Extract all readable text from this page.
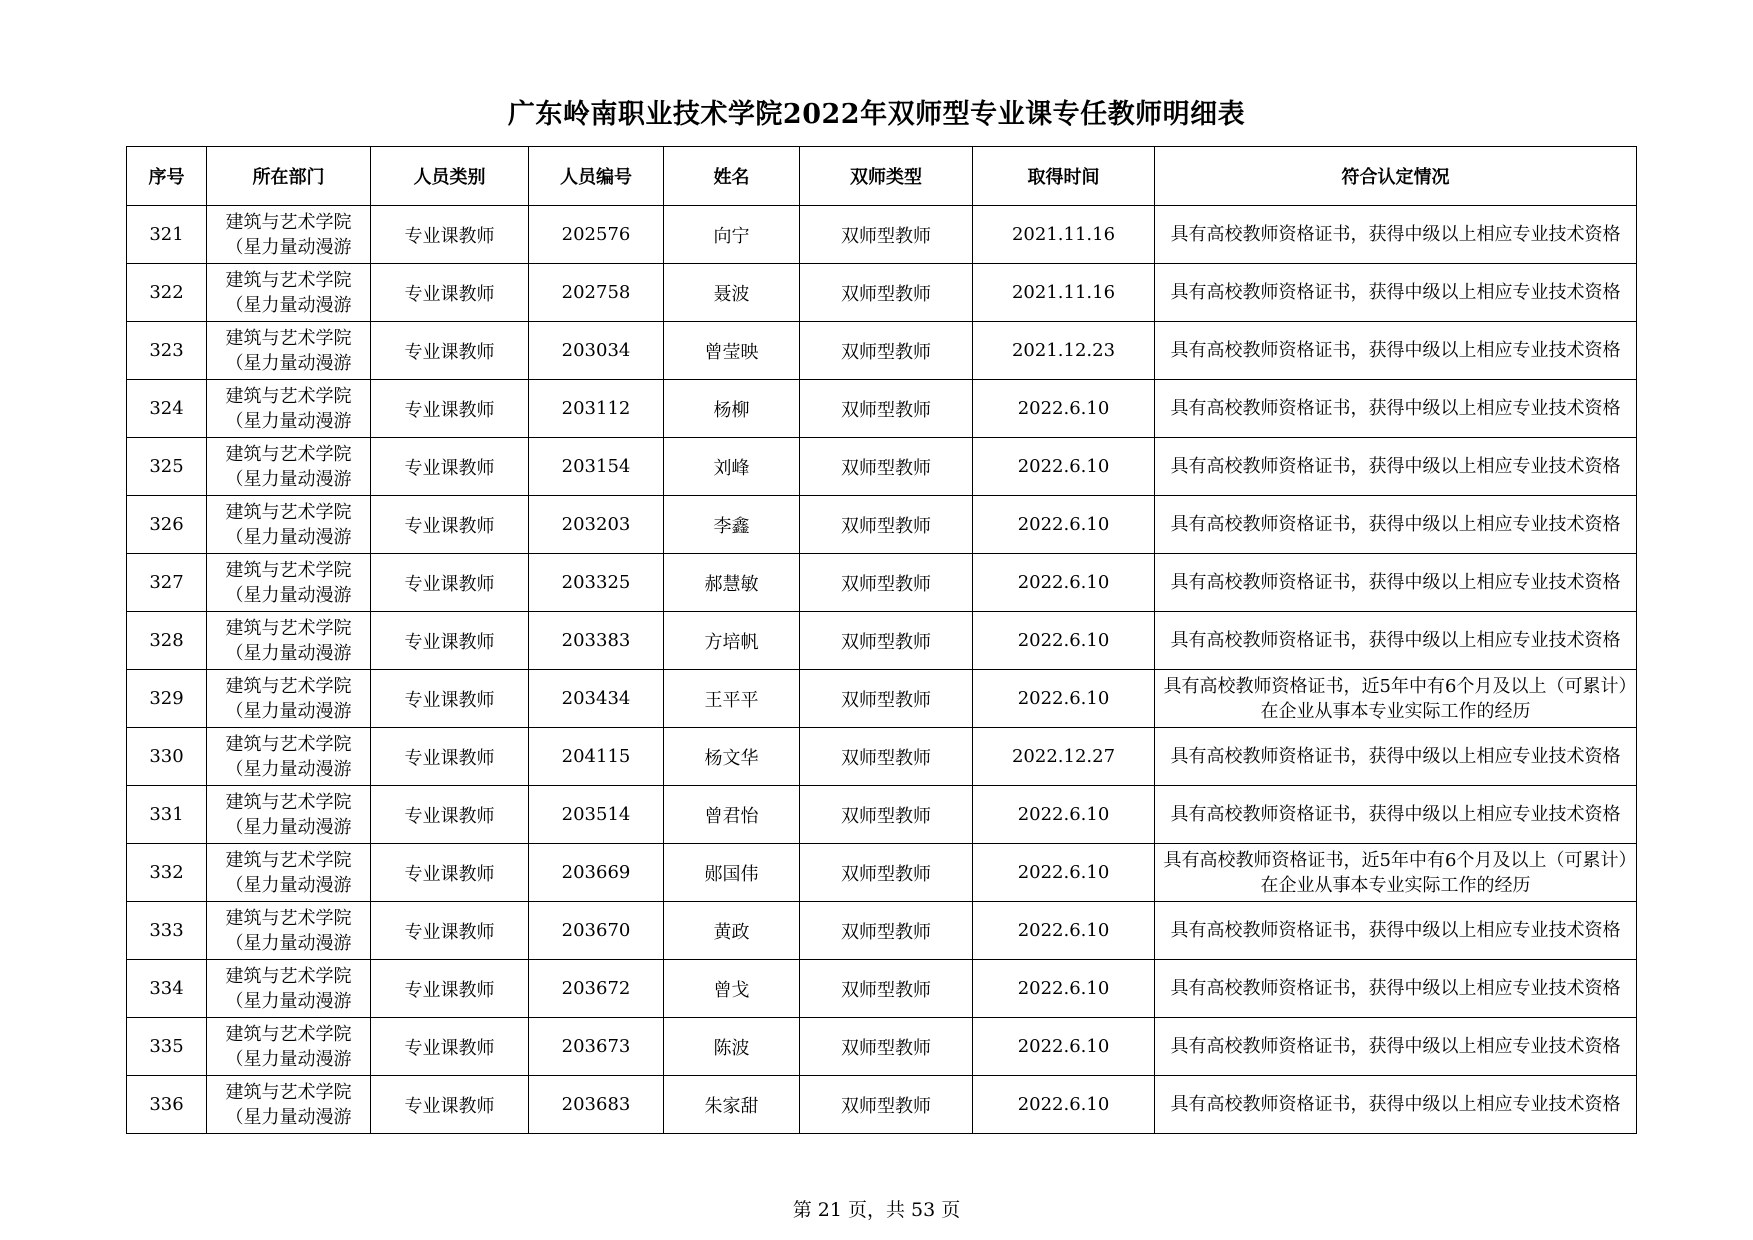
广东岭南职业技术学院2022年双师型专业课专任教师明细表
序号	所在部门	人员类别	人员编号	姓名	双师类型	取得时间	符合认定情况
321	建筑与艺术学院（星力量动漫游	专业课教师	202576	向宁	双师型教师	2021.11.16	具有高校教师资格证书，获得中级以上相应专业技术资格

322	建筑与艺术学院（星力量动漫游	专业课教师	202758	聂波	双师型教师	2021.11.16	具有高校教师资格证书，获得中级以上相应专业技术资格

323	建筑与艺术学院（星力量动漫游	专业课教师	203034	曾莹映	双师型教师	2021.12.23	具有高校教师资格证书，获得中级以上相应专业技术资格

324	建筑与艺术学院（星力量动漫游	专业课教师	203112	杨柳	双师型教师	2022.6.10	具有高校教师资格证书，获得中级以上相应专业技术资格

325	建筑与艺术学院（星力量动漫游	专业课教师	203154	刘峰	双师型教师	2022.6.10	具有高校教师资格证书，获得中级以上相应专业技术资格

326	建筑与艺术学院（星力量动漫游	专业课教师	203203	李鑫	双师型教师	2022.6.10	具有高校教师资格证书，获得中级以上相应专业技术资格

327	建筑与艺术学院（星力量动漫游	专业课教师	203325	郝慧敏	双师型教师	2022.6.10	具有高校教师资格证书，获得中级以上相应专业技术资格

328	建筑与艺术学院（星力量动漫游	专业课教师	203383	方培帆	双师型教师	2022.6.10	具有高校教师资格证书，获得中级以上相应专业技术资格

329	建筑与艺术学院（星力量动漫游	专业课教师	203434	王平平	双师型教师	2022.6.10	具有高校教师资格证书，近5年中有6个月及以上（可累计）在企业从事本专业实际工作的经历

330	建筑与艺术学院（星力量动漫游	专业课教师	204115	杨文华	双师型教师	2022.12.27	具有高校教师资格证书，获得中级以上相应专业技术资格

331	建筑与艺术学院（星力量动漫游	专业课教师	203514	曾君怡	双师型教师	2022.6.10	具有高校教师资格证书，获得中级以上相应专业技术资格

332	建筑与艺术学院（星力量动漫游	专业课教师	203669	郧国伟	双师型教师	2022.6.10	具有高校教师资格证书，近5年中有6个月及以上（可累计）在企业从事本专业实际工作的经历

333	建筑与艺术学院（星力量动漫游	专业课教师	203670	黄政	双师型教师	2022.6.10	具有高校教师资格证书，获得中级以上相应专业技术资格

334	建筑与艺术学院（星力量动漫游	专业课教师	203672	曾戈	双师型教师	2022.6.10	具有高校教师资格证书，获得中级以上相应专业技术资格

335	建筑与艺术学院（星力量动漫游	专业课教师	203673	陈波	双师型教师	2022.6.10	具有高校教师资格证书，获得中级以上相应专业技术资格

336	建筑与艺术学院（星力量动漫游	专业课教师	203683	朱家甜	双师型教师	2022.6.10	具有高校教师资格证书，获得中级以上相应专业技术资格
第 21 页，共 53 页
